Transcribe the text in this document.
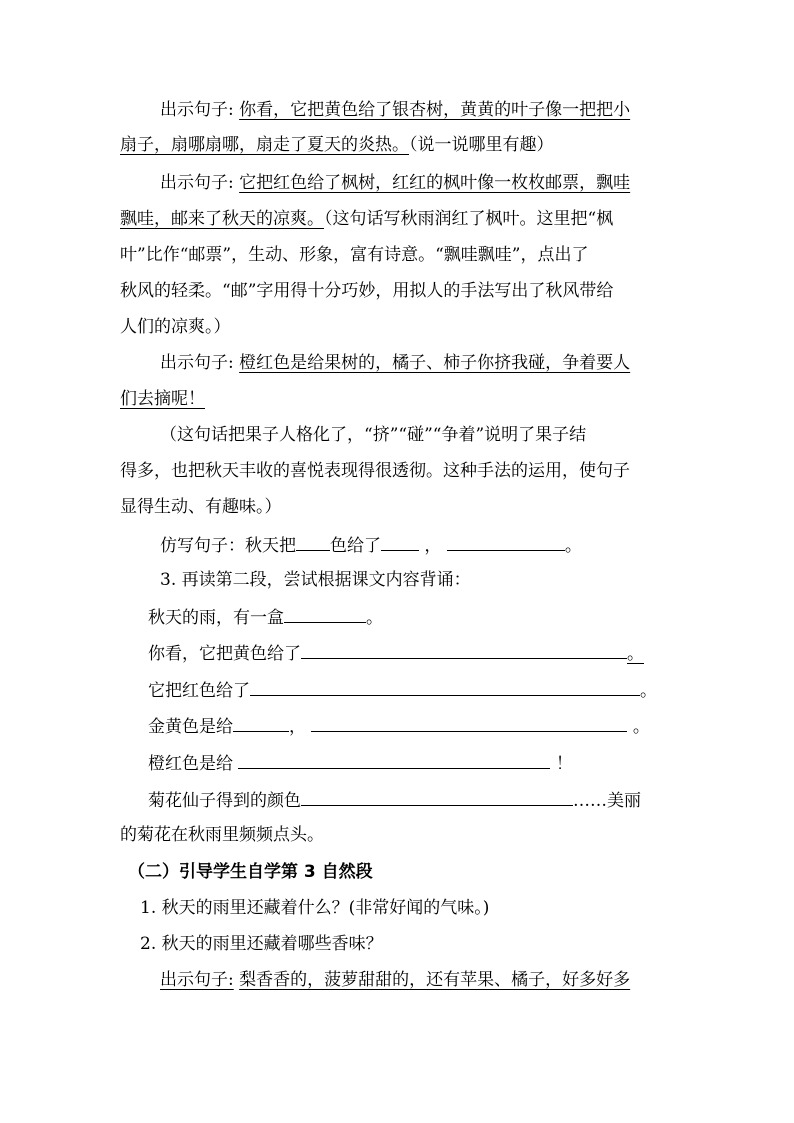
出示句子: 你看，它把黄色给了银杏树，黄黄的叶子像一把把小
扇子，扇哪扇哪，扇走了夏天的炎热。（说一说哪里有趣）
出示句子: 它把红色给了枫树，红红的枫叶像一枚枚邮票，飘哇
飘哇，邮来了秋天的凉爽。（这句话写秋雨润红了枫叶。这里把“枫
叶”比作“邮票”，生动、形象，富有诗意。“飘哇飘哇”，点出了
秋风的轻柔。“邮”字用得十分巧妙，用拟人的手法写出了秋风带给
人们的凉爽。）
出示句子: 橙红色是给果树的，橘子、柿子你挤我碰，争着要人
们去摘呢！
（这句话把果子人格化了，“挤”“碰”“争着”说明了果子结
得多，也把秋天丰收的喜悦表现得很透彻。这种手法的运用，使句子
显得生动、有趣味。）
仿写句子：秋天把 色给了	，	。
3. 再读第二段，尝试根据课文内容背诵：
秋天的雨，有一盒	。
你看，它把黄色给了	。
它把红色给了	。
金黄色是给	，	。
橙红色是给	！
菊花仙子得到的颜色	……美丽
的菊花在秋雨里频频点头。
（二）引导学生自学第 3 自然段
1. 秋天的雨里还藏着什么？(非常好闻的气味。)
2. 秋天的雨里还藏着哪些香味？
出示句子: 梨香香的，菠萝甜甜的，还有苹果、橘子，好多好多
